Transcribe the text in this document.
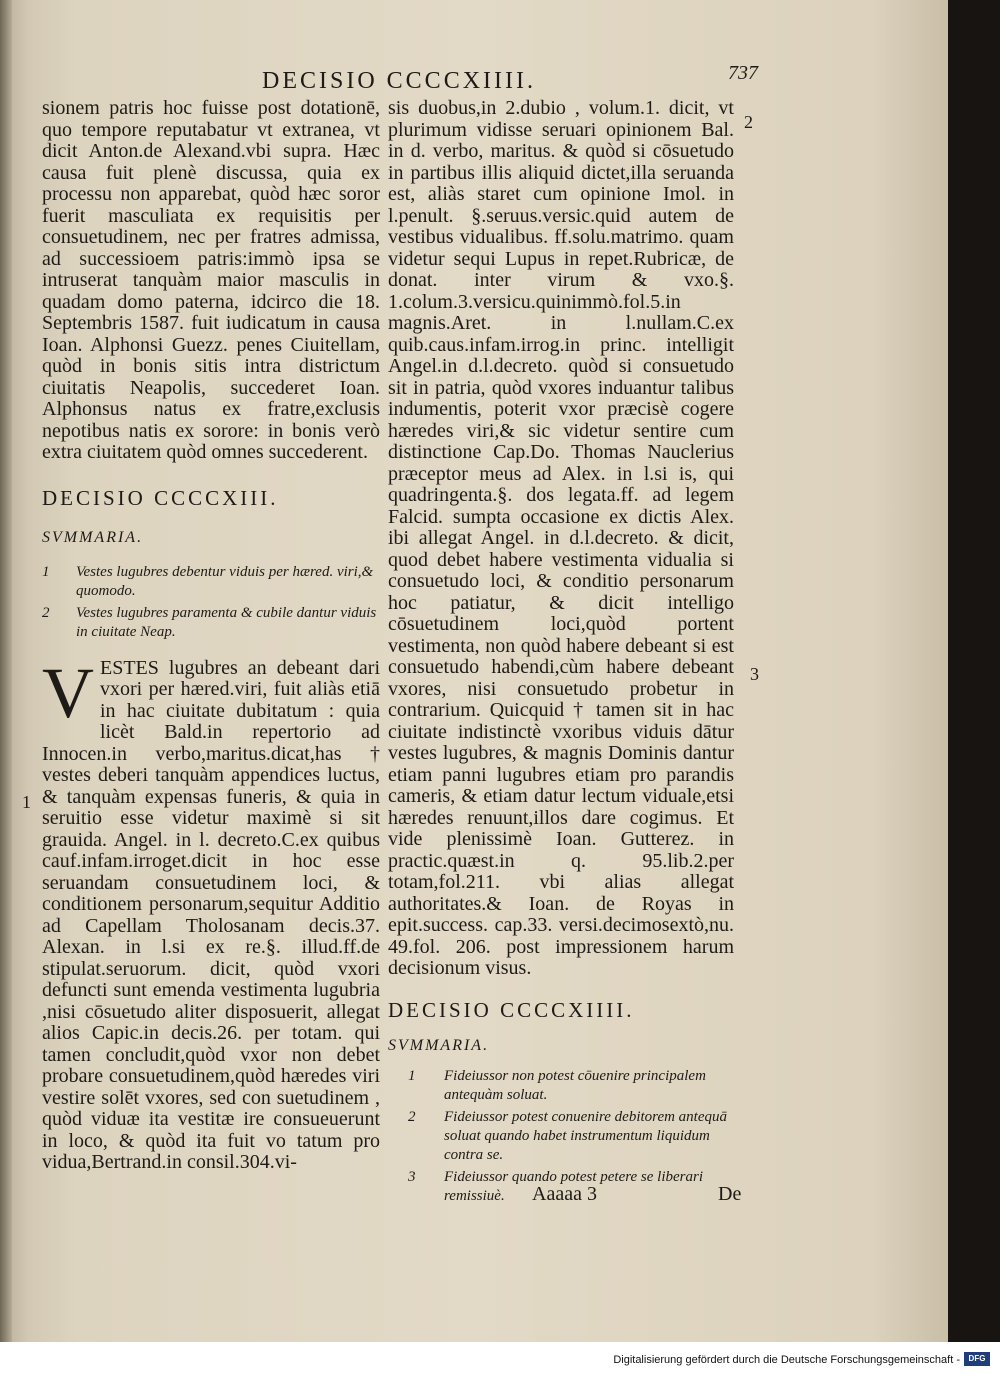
DECISIO CCCCXIIII.	737

sionem patris hoc fuisse post dotationē, quo tempore reputabatur vt extranea, vt dicit Anton.de Alexand.vbi supra. Hæc causa fuit plenè discussa, quia ex processu non apparebat, quòd hæc soror fuerit masculiata ex requisitis per consuetudinem, nec per fratres admissa, ad successioem patris:immò ipsa se intruserat tanquàm maior masculis in quadam domo paterna, idcirco die 18. Septembris 1587. fuit iudicatum in causa Ioan. Alphonsi Guezz. penes Ciuitellam, quòd in bonis sitis intra districtum ciuitatis Neapolis, succederet Ioan. Alphonsus natus ex fratre,exclusis nepotibus natis ex sorore: in bonis verò extra ciuitatem quòd omnes succederent.

DECISIO CCCCXIII.

SVMMARIA.

1 Vestes lugubres debentur viduis per hæred. viri,& quomodo.
2 Vestes lugubres paramenta & cubile dantur viduis in ciuitate Neap.

V ESTES lugubres an debeant dari vxori per hæred.viri, fuit aliàs etiā in hac ciuitate dubitatum : quia licèt Bald.in repertorio ad Innocen.in verbo,maritus.dicat,has † vestes deberi tanquàm appendices luctus, & tanquàm expensas funeris, & quia in seruitio esse videtur maximè si sit grauida. Angel. in l. decreto.C.ex quibus cauf.infam.irroget.dicit in hoc esse seruandam consuetudinem loci, & conditionem personarum,sequitur Additio ad Capellam Tholosanam decis.37. Alexan. in l.si ex re.§. illud.ff.de stipulat.seruorum. dicit, quòd vxori defuncti sunt emenda vestimenta lugubria ,nisi cōsuetudo aliter disposuerit, allegat alios Capic.in decis.26. per totam. qui tamen concludit,quòd vxor non debet probare consuetudinem,quòd hæredes viri vestire solēt vxores, sed con suetudinem , quòd viduæ ita vestitæ ire consueuerunt in loco, & quòd ita fuit vo tatum pro vidua,Bertrand.in consil.304.vi-

1

sis duobus,in 2.dubio , volum.1. dicit, vt plurimum vidisse seruari opinionem Bal. in d. verbo, maritus. & quòd si cōsuetudo in partibus illis aliquid dictet,illa seruanda est, aliàs staret cum opinione Imol. in l.penult. §.seruus.versic.quid autem de vestibus vidualibus. ff.solu.matrimo. quam videtur sequi Lupus in repet.Rubricæ, de donat. inter virum & vxo.§. 1.colum.3.versicu.quinimmò.fol.5.in magnis.Aret. in l.nullam.C.ex quib.caus.infam.irrog.in princ. intelligit Angel.in d.l.decreto. quòd si consuetudo sit in patria, quòd vxores induantur talibus indumentis, poterit vxor præcisè cogere hæredes viri,& sic videtur sentire cum distinctione Cap.Do. Thomas Nauclerius præceptor meus ad Alex. in l.si is, qui quadringenta.§. dos legata.ff. ad legem Falcid. sumpta occasione ex dictis Alex. ibi allegat Angel. in d.l.decreto. & dicit, quod debet habere vestimenta vidualia si consuetudo loci, & conditio personarum hoc patiatur, & dicit intelligo cōsuetudinem loci,quòd portent vestimenta, non quòd habere debeant si est consuetudo habendi,cùm habere debeant vxores, nisi consuetudo probetur in contrarium. Quicquid † tamen sit in hac ciuitate indistinctè vxoribus viduis dātur vestes lugubres, & magnis Dominis dantur etiam panni lugubres etiam pro parandis cameris, & etiam datur lectum viduale,etsi hæredes renuunt,illos dare cogimus. Et vide plenissimè Ioan. Gutterez. in practic.quæst.in q. 95.lib.2.per totam,fol.211. vbi alias allegat authoritates.& Ioan. de Royas in epit.success. cap.33. versi.decimosextò,nu. 49.fol. 206. post impressionem harum decisionum visus.

DECISIO CCCCXIIII.

SVMMARIA.

1 Fideiussor non potest cōuenire principalem antequàm soluat.
2 Fideiussor potest conuenire debitorem antequā soluat quando habet instrumentum liquidum contra se.
3 Fideiussor quando potest petere se liberari remissiuè.
2
3
Aaaaa 3	De
Digitalisierung gefördert durch die Deutsche Forschungsgemeinschaft -	DFG
